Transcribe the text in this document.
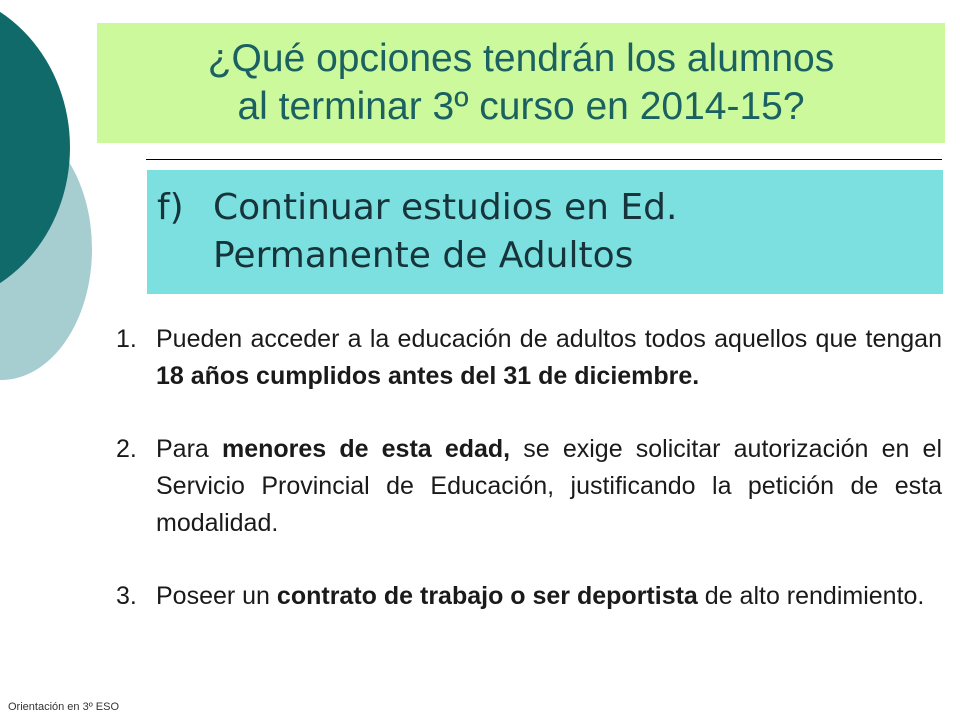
¿Qué opciones tendrán los alumnos
al terminar 3º curso en 2014-15?
f) Continuar estudios en Ed.
Permanente de Adultos
1. Pueden acceder a la educación de adultos todos aquellos que tengan 18 años cumplidos antes del 31 de diciembre.
2. Para menores de esta edad, se exige solicitar autorización en el Servicio Provincial de Educación, justificando la petición de esta modalidad.
3. Poseer un contrato de trabajo o ser deportista de alto rendimiento.
Orientación en 3º ESO
